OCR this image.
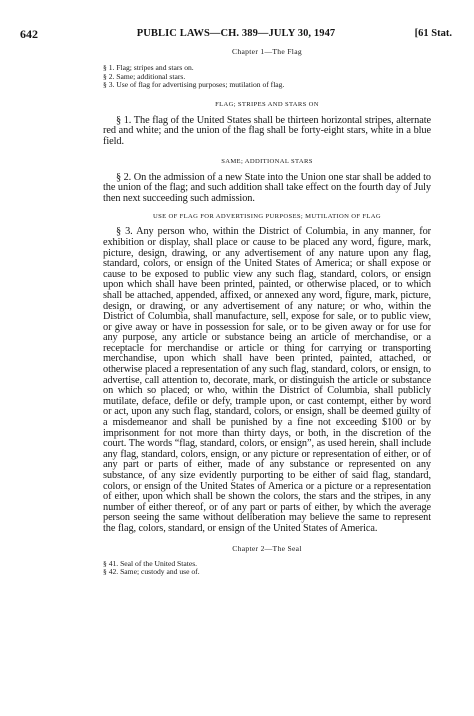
642	PUBLIC LAWS—CH. 389—JULY 30, 1947	[61 Stat.
Chapter 1—The Flag
§ 1. Flag; stripes and stars on.
§ 2. Same; additional stars.
§ 3. Use of flag for advertising purposes; mutilation of flag.
FLAG; STRIPES AND STARS ON

§ 1. The flag of the United States shall be thirteen horizontal stripes, alternate red and white; and the union of the flag shall be forty-eight stars, white in a blue field.

SAME; ADDITIONAL STARS

§ 2. On the admission of a new State into the Union one star shall be added to the union of the flag; and such addition shall take effect on the fourth day of July then next succeeding such admission.

USE OF FLAG FOR ADVERTISING PURPOSES; MUTILATION OF FLAG

§ 3. Any person who, within the District of Columbia, in any manner, for exhibition or display, shall place or cause to be placed any word, figure, mark, picture, design, drawing, or any advertisement of any nature upon any flag, standard, colors, or ensign of the United States of America; or shall expose or cause to be exposed to public view any such flag, standard, colors, or ensign upon which shall have been printed, painted, or otherwise placed, or to which shall be attached, appended, affixed, or annexed any word, figure, mark, picture, design, or drawing, or any advertisement of any nature; or who, within the District of Columbia, shall manufacture, sell, expose for sale, or to public view, or give away or have in possession for sale, or to be given away or for use for any purpose, any article or substance being an article of merchandise, or a receptacle for merchandise or article or thing for carrying or transporting merchandise, upon which shall have been printed, painted, attached, or otherwise placed a representation of any such flag, standard, colors, or ensign, to advertise, call attention to, decorate, mark, or distinguish the article or substance on which so placed; or who, within the District of Columbia, shall publicly mutilate, deface, defile or defy, trample upon, or cast contempt, either by word or act, upon any such flag, standard, colors, or ensign, shall be deemed guilty of a misdemeanor and shall be punished by a fine not exceeding $100 or by imprisonment for not more than thirty days, or both, in the discretion of the court. The words “flag, standard, colors, or ensign”, as used herein, shall include any flag, standard, colors, ensign, or any picture or representation of either, or of any part or parts of either, made of any substance or represented on any substance, of any size evidently purporting to be either of said flag, standard, colors, or ensign of the United States of America or a picture or a representation of either, upon which shall be shown the colors, the stars and the stripes, in any number of either thereof, or of any part or parts of either, by which the average person seeing the same without deliberation may believe the same to represent the flag, colors, standard, or ensign of the United States of America.

Chapter 2—The Seal
§ 41. Seal of the United States.
§ 42. Same; custody and use of.
